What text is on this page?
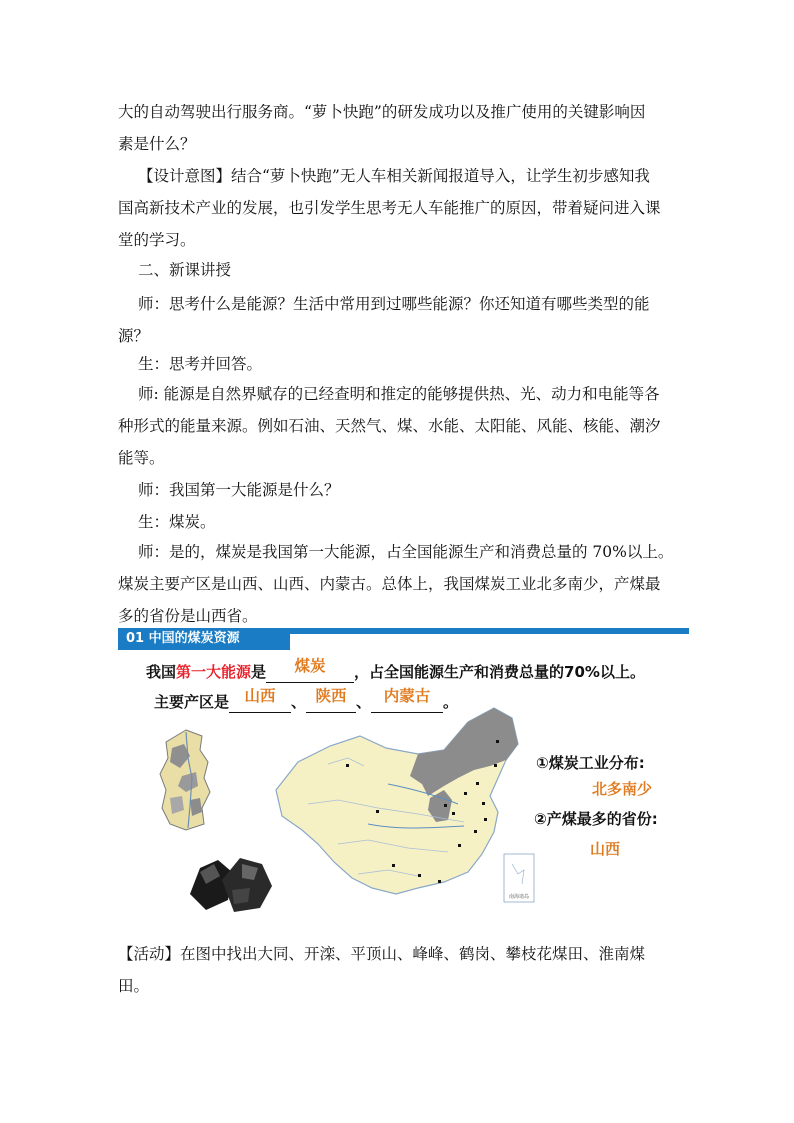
大的自动驾驶出行服务商。“萝卜快跑”的研发成功以及推广使用的关键影响因
素是什么？

【设计意图】结合“萝卜快跑”无人车相关新闻报道导入，让学生初步感知我
国高新技术产业的发展，也引发学生思考无人车能推广的原因，带着疑问进入课
堂的学习。

二、新课讲授

师：思考什么是能源？生活中常用到过哪些能源？你还知道有哪些类型的能
源？

生：思考并回答。

师: 能源是自然界赋存的已经查明和推定的能够提供热、光、动力和电能等各
种形式的能量来源。例如石油、天然气、煤、水能、太阳能、风能、核能、潮汐
能等。

师：我国第一大能源是什么？

生：煤炭。

师：是的，煤炭是我国第一大能源，占全国能源生产和消费总量的 70%以上。
煤炭主要产区是山西、山西、内蒙古。总体上，我国煤炭工业北多南少，产煤最
多的省份是山西省。

01 中国的煤炭资源
我国第一大能源是 煤炭 ，占全国能源生产和消费总量的70%以上。
主要产区是 山西 、 陕西 、 内蒙古 。
南海诸岛
①煤炭工业分布:
北多南少
②产煤最多的省份:
山西

【活动】在图中找出大同、开滦、平顶山、峰峰、鹤岗、攀枝花煤田、淮南煤
田。
